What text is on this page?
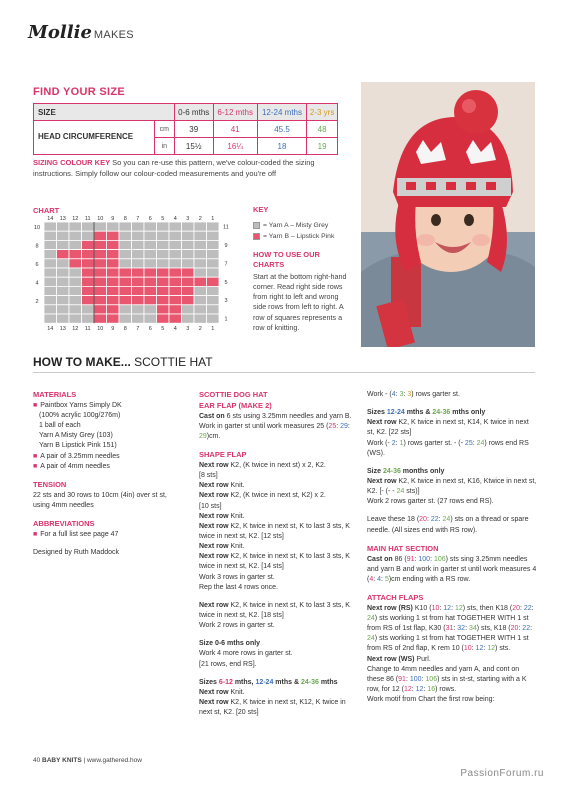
Mollie MAKES
FIND YOUR SIZE
SIZE		0-6 mths	6-12 mths	12-24 mths	2-3 yrs
HEAD CIRCUMFERENCE	cm	39	41	45.5	48
	in	15½	16¼	18	19
SIZING COLOUR KEY So you can re-use this pattern, we've colour-coded the sizing instructions. Simply follow our colour-coded measurements and you're off
CHART
14 13 12 11 10 9 8 7 6 5 4 3 2 1
14 13 12 11 10 9 8 7 6 5 4 3 2 1
10
8
6
4
2
11
9
7
5
3
1
KEY
= Yarn A – Misty Grey
= Yarn B – Lipstick Pink
HOW TO USE OUR CHARTS

Start at the bottom right-hand corner. Read right side rows from right to left and wrong side rows from left to right. A row of squares represents a row of knitting.

HOW TO MAKE... SCOTTIE HAT
MATERIALS
■ Paintbox Yarns Simply DK
(100% acrylic 100g/276m)
1 ball of each
Yarn A Misty Grey (103)
Yarn B Lipstick Pink 151)
■ A pair of 3.25mm needles
■ A pair of 4mm needles
TENSION
22 sts and 30 rows to 10cm (4in) over st st, using 4mm needles
ABBREVIATIONS
■ For a full list see page 47
Designed by Ruth Maddock
SCOTTIE DOG HAT
EAR FLAP (MAKE 2)
Cast on 6 sts using 3.25mm needles and yarn B.
Work in garter st until work measures 25 (25: 29: 29)cm.
SHAPE FLAP
Next row K2, (K twice in next st) x 2, K2.
[8 sts]
Next row Knit.
Next row K2, (K twice in next st, K2) x 2.
[10 sts]
Next row Knit.
Next row K2, K twice in next st, K to last 3 sts, K twice in next st, K2. [12 sts]
Next row Knit.
Next row K2, K twice in next st, K to last 3 sts, K twice in next st, K2. [14 sts]
Work 3 rows in garter st.
Rep the last 4 rows once.
Next row K2, K twice in next st, K to last 3 sts, K twice in next st, K2. [18 sts]
Work 2 rows in garter st.
Size 0-6 mths only
Work 4 more rows in garter st.
[21 rows, end RS].
Sizes 6-12 mths, 12-24 mths & 24-36 mths
Next row Knit.
Next row K2, K twice in next st, K12, K twice in next st, K2. [20 sts]
Work - (4: 3: 3) rows garter st.
Sizes 12-24 mths & 24-36 mths only
Next row K2, K twice in next st, K14, K twice in next st, K2. [22 sts]
Work (- 2: 1) rows garter st. - (- 25: 24) rows end RS (WS).
Size 24-36 months only
Next row K2, K twice in next st, K16, Ktwice in next st, K2. [- (- - 24 sts)]
Work 2 rows garter st. (27 rows end RS).
Leave these 18 (20: 22: 24) sts on a thread or spare needle. (All sizes end with RS row).
MAIN HAT SECTION
Cast on 86 (91: 100: 106) sts sing 3.25mm needles and yarn B and work in garter st until work measures 4 (4: 4: 5)cm ending with a RS row.
ATTACH FLAPS
Next row (RS) K10 (10: 12: 12) sts, then K18 (20: 22: 24) sts working 1 st from hat TOGETHER WITH 1 st from RS of 1st flap, K30 (31: 32: 34) sts, K18 (20: 22: 24) sts working 1 st from hat TOGETHER WITH 1 st from RS of 2nd flap, K rem 10 (10: 12: 12) sts.
Next row (WS) Purl.
Change to 4mm needles and yarn A, and cont on these 86 (91: 100: 106) sts in st-st, starting with a K row, for 12 (12: 12: 16) rows.
Work motif from Chart the first row being:
40 BABY KNITS | www.gathered.how
PassionForum.ru
